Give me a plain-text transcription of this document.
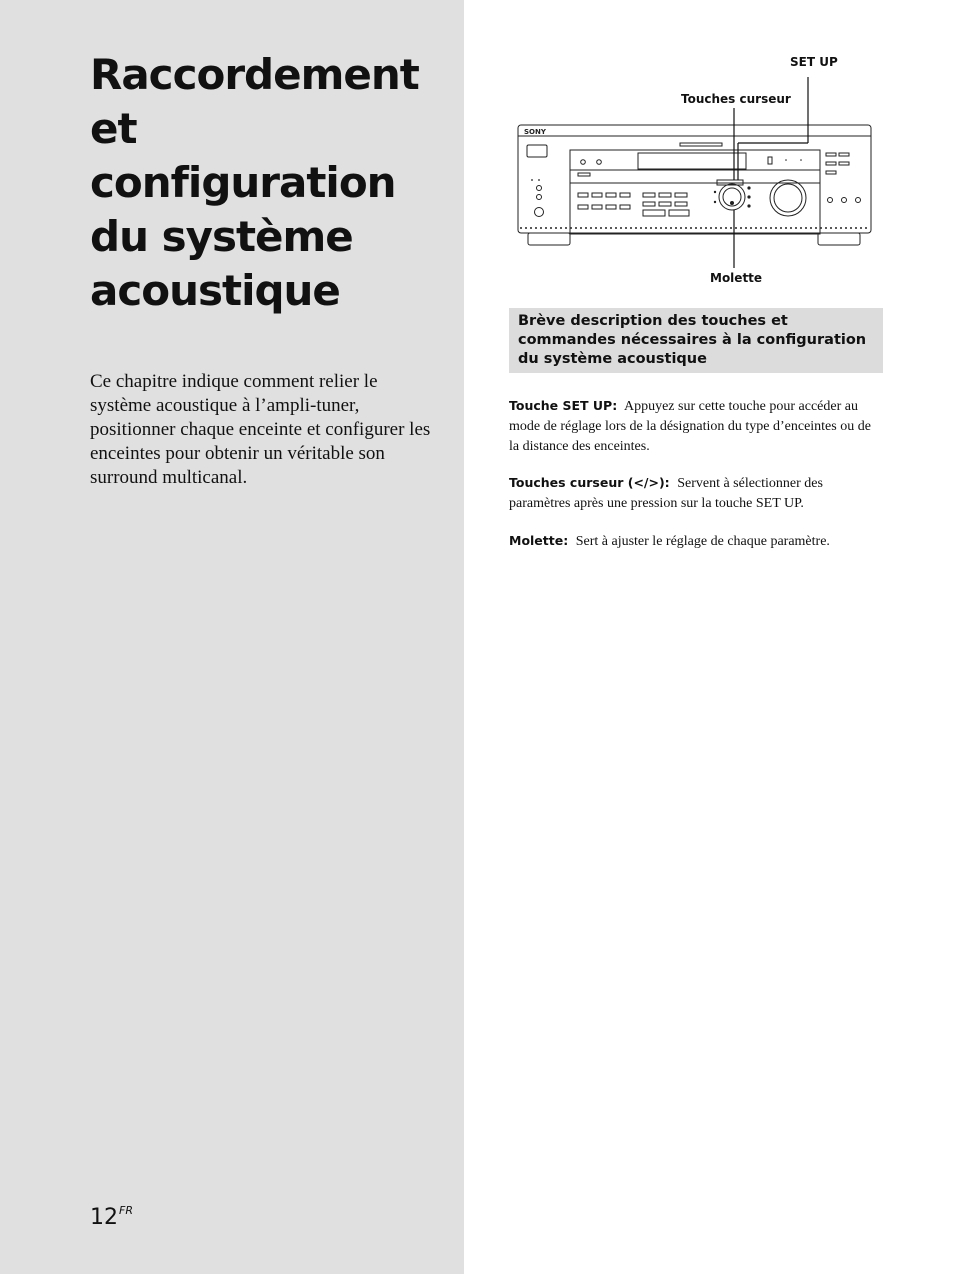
Raccordement
et
configuration
du système
acoustique

Ce chapitre indique comment relier le système acoustique à l’ampli-tuner, positionner chaque enceinte et configurer les enceintes pour obtenir un véritable son surround multicanal.

$12^{FR}$
SONY
SET UP
Touches curseur
Molette
Brève description des touches et commandes nécessaires à la configuration du système acoustique
Touche SET UP: Appuyez sur cette touche pour accéder au mode de réglage lors de la désignation du type d’enceintes ou de la distance des enceintes.
Touches curseur (</>): Servent à sélectionner des paramètres après une pression sur la touche SET UP.
Molette: Sert à ajuster le réglage de chaque paramètre.
